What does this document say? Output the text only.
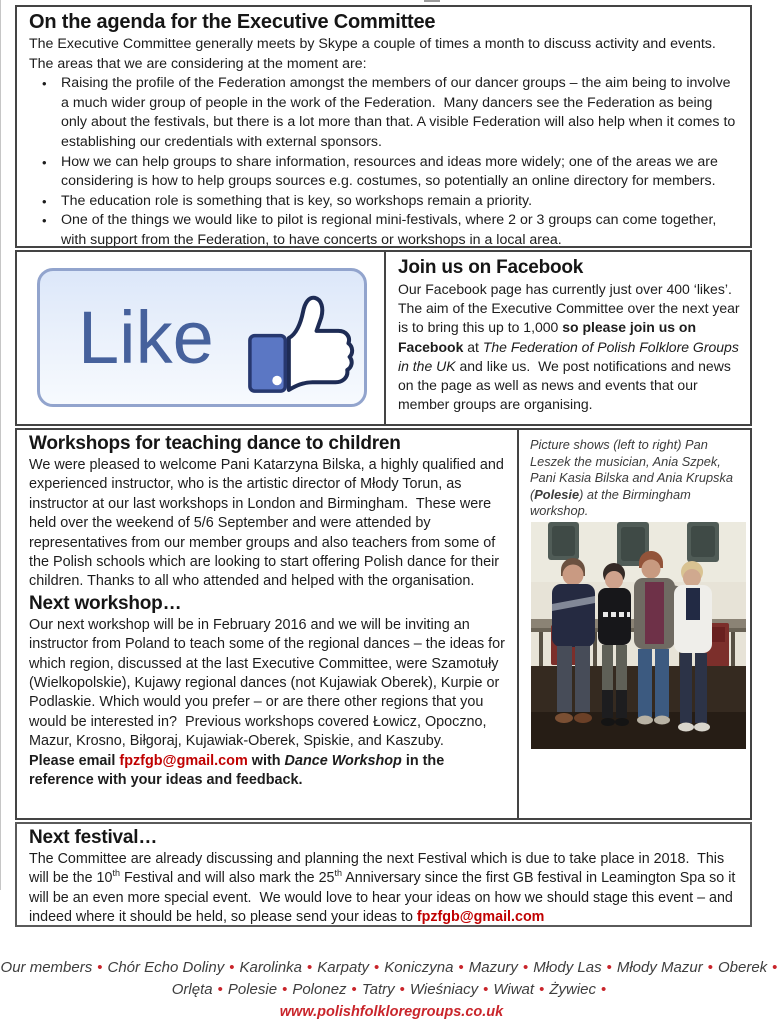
On the agenda for the Executive Committee

The Executive Committee generally meets by Skype a couple of times a month to discuss activity and events. The areas that we are considering at the moment are:

• Raising the profile of the Federation amongst the members of our dancer groups – the aim being to involve a much wider group of people in the work of the Federation.  Many dancers see the Federation as being only about the festivals, but there is a lot more than that. A visible Federation will also help when it comes to establishing our credentials with external sponsors.
• How we can help groups to share information, resources and ideas more widely; one of the areas we are considering is how to help groups sources e.g. costumes, so potentially an online directory for members.
• The education role is something that is key, so workshops remain a priority.
• One of the things we would like to pilot is regional mini-festivals, where 2 or 3 groups can come together, with support from the Federation, to have concerts or workshops in a local area.
Like
Join us on Facebook

Our Facebook page has currently just over 400 ‘likes’.  The aim of the Executive Committee over the next year is to bring this up to 1,000 so please join us on Facebook at The Federation of Polish Folklore Groups in the UK and like us.  We post notifications and news on the page as well as news and events that our member groups are organising.

Workshops for teaching dance to children

We were pleased to welcome Pani Katarzyna Bilska, a highly qualified and experienced instructor, who is the artistic director of Młody Torun, as instructor at our last workshops in London and Birmingham.  These were held over the weekend of 5/6 September and were attended by representatives from our member groups and also teachers from some of the Polish schools which are looking to start offering Polish dance for their children. Thanks to all who attended and helped with the organisation.

Next workshop…

Our next workshop will be in February 2016 and we will be inviting an instructor from Poland to teach some of the regional dances – the ideas for which region, discussed at the last Executive Committee, were Szamotuły (Wielkopolskie), Kujawy regional dances (not Kujawiak Oberek), Kurpie or Podlaskie. Which would you prefer – or are there other regions that you would be interested in?  Previous workshops covered Łowicz, Opoczno, Mazur, Krosno, Biłgoraj, Kujawiak-Oberek, Spiskie, and Kaszuby.

Please email fpzfgb@gmail.com with Dance Workshop in the reference with your ideas and feedback.

Picture shows (left to right) Pan Leszek the musician, Ania Szpek, Pani Kasia Bilska and Ania Krupska (Polesie) at the Birmingham workshop.

Next festival…

The Committee are already discussing and planning the next Festival which is due to take place in 2018.  This will be the 10th Festival and will also mark the 25th Anniversary since the first GB festival in Leamington Spa so it will be an even more special event.  We would love to hear your ideas on how we should stage this event – and indeed where it should be held, so please send your ideas to fpzfgb@gmail.com

Our members • Chór Echo Doliny • Karolinka • Karpaty • Koniczyna • Mazury • Młody Las • Młody Mazur • Oberek •
Orlęta • Polesie • Polonez • Tatry • Wieśniacy • Wiwat • Żywiec •
www.polishfolkloregroups.co.uk
